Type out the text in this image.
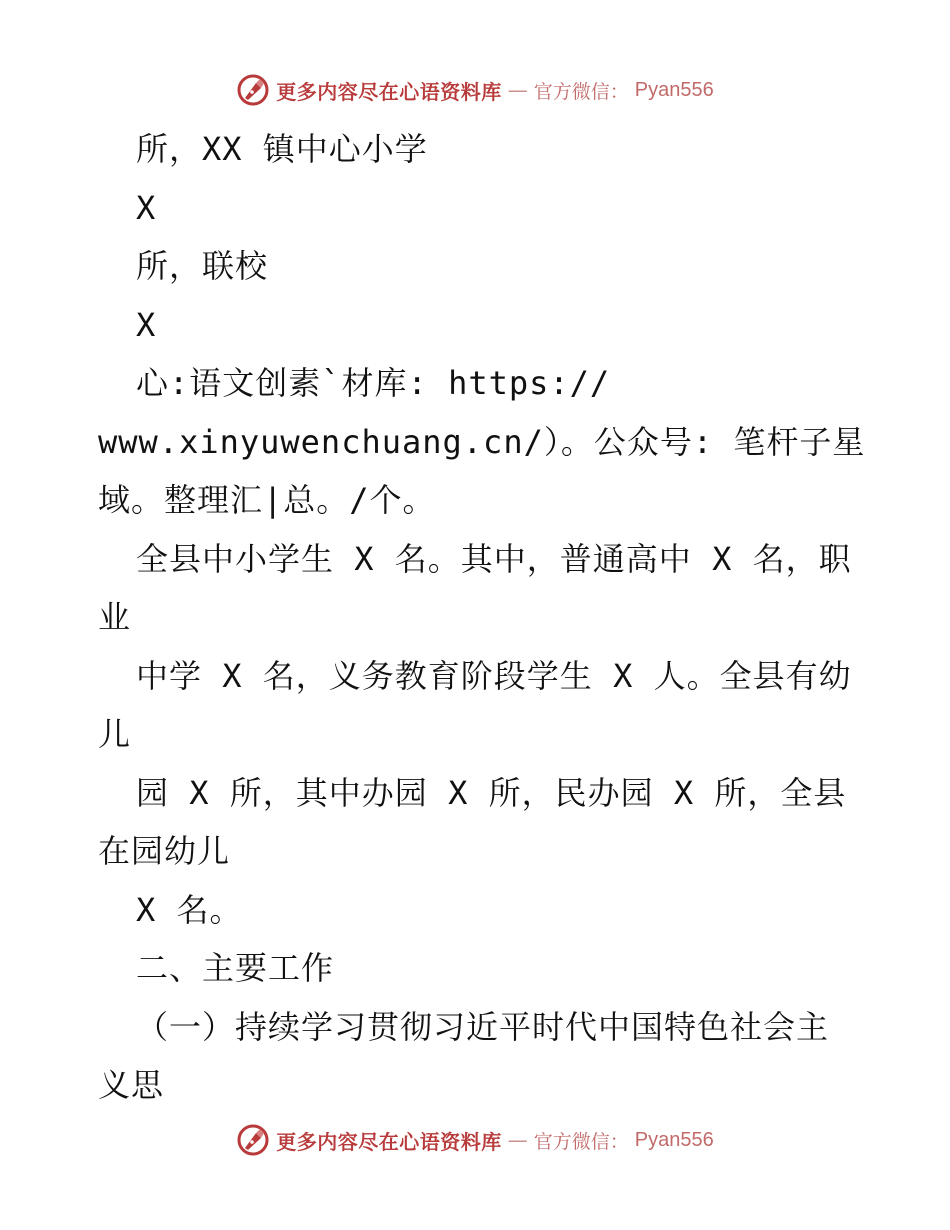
更多内容尽在心语资料库 — 官方微信： Pyan556
所，XX 镇中心小学
X
所，联校
X
心:语文创素`材库: https://
www.xinyuwenchuang.cn/）。公众号: 笔杆子星
域。整理汇|总。/个。
全县中小学生 X 名。其中，普通高中 X 名，职
业
中学 X 名，义务教育阶段学生 X 人。全县有幼
儿
园 X 所，其中办园 X 所，民办园 X 所，全县
在园幼儿
X 名。
二、主要工作
（一）持续学习贯彻习近平时代中国特色社会主
义思
更多内容尽在心语资料库 — 官方微信： Pyan556
